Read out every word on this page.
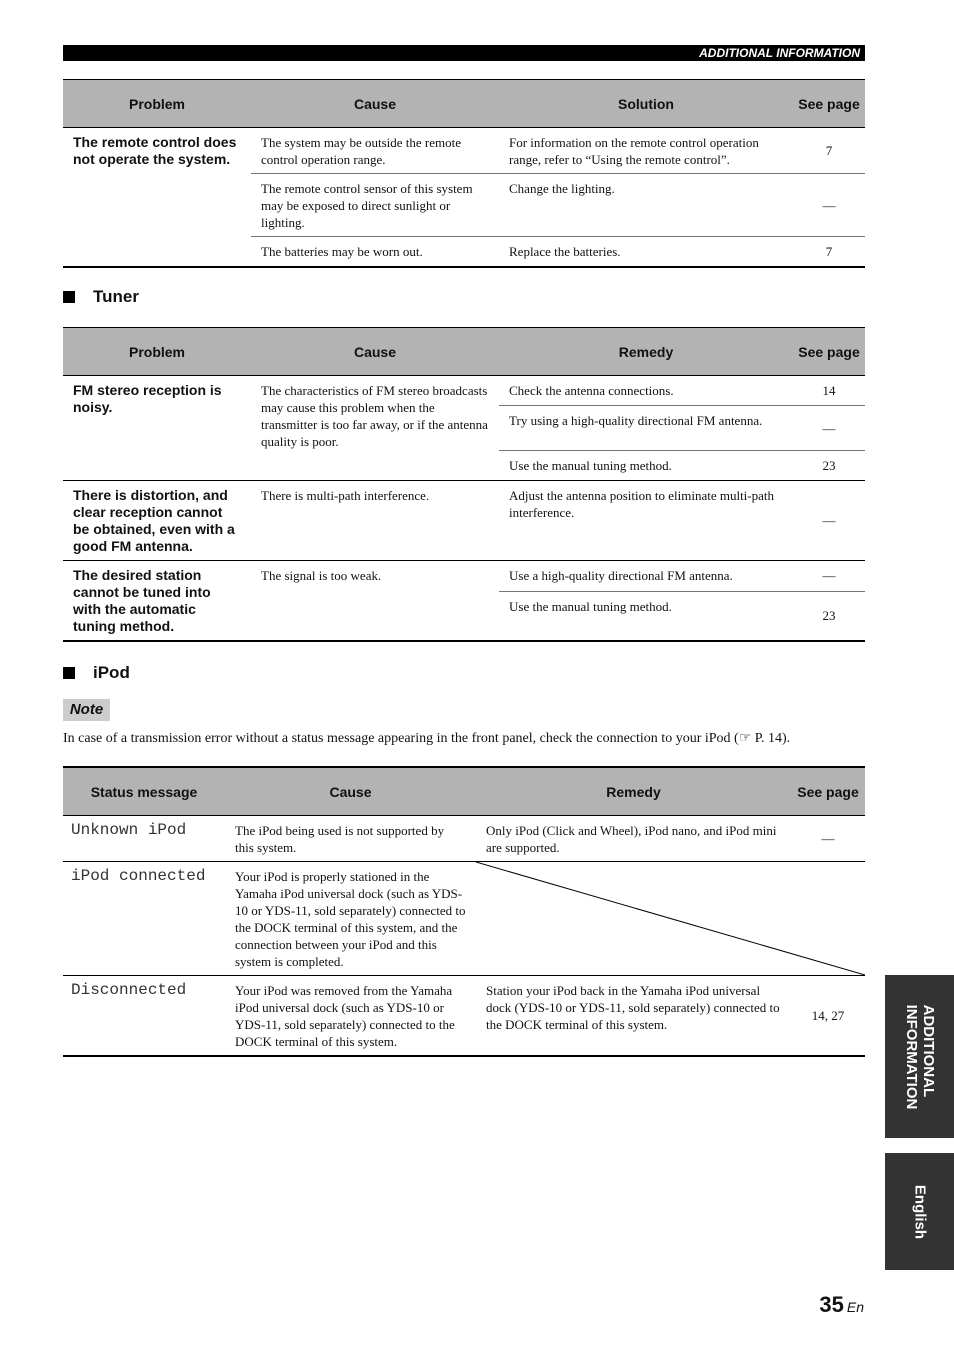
ADDITIONAL INFORMATION
Problem	Cause	Solution	See page
The remote control does not operate the system.	The system may be outside the remote control operation range.	For information on the remote control operation range, refer to “Using the remote control”.	7
	The remote control sensor of this system may be exposed to direct sunlight or lighting.	Change the lighting.	—
	The batteries may be worn out.	Replace the batteries.	7
Tuner
Problem	Cause	Remedy	See page
FM stereo reception is noisy.	The characteristics of FM stereo broadcasts may cause this problem when the transmitter is too far away, or if the antenna quality is poor.	Check the antenna connections.	14
		Try using a high-quality directional FM antenna.	—
		Use the manual tuning method.	23
There is distortion, and clear reception cannot be obtained, even with a good FM antenna.	There is multi-path interference.	Adjust the antenna position to eliminate multi-path interference.	—
The desired station cannot be tuned into with the automatic tuning method.	The signal is too weak.	Use a high-quality directional FM antenna.	—
		Use the manual tuning method.	23
iPod
Note
In case of a transmission error without a status message appearing in the front panel, check the connection to your iPod (☞ P. 14).
Status message	Cause	Remedy	See page
Unknown iPod	The iPod being used is not supported by this system.	Only iPod (Click and Wheel), iPod nano, and iPod mini are supported.	—
iPod connected	Your iPod is properly stationed in the Yamaha iPod universal dock (such as YDS-10 or YDS-11, sold separately) connected to the DOCK terminal of this system, and the connection between your iPod and this system is completed.	

Disconnected	Your iPod was removed from the Yamaha iPod universal dock (such as YDS-10 or YDS-11, sold separately) connected to the DOCK terminal of this system.	Station your iPod back in the Yamaha iPod universal dock (YDS-10 or YDS-11, sold separately) connected to the DOCK terminal of this system.	14, 27	ADDITIONAL
INFORMATION
English
35 En
